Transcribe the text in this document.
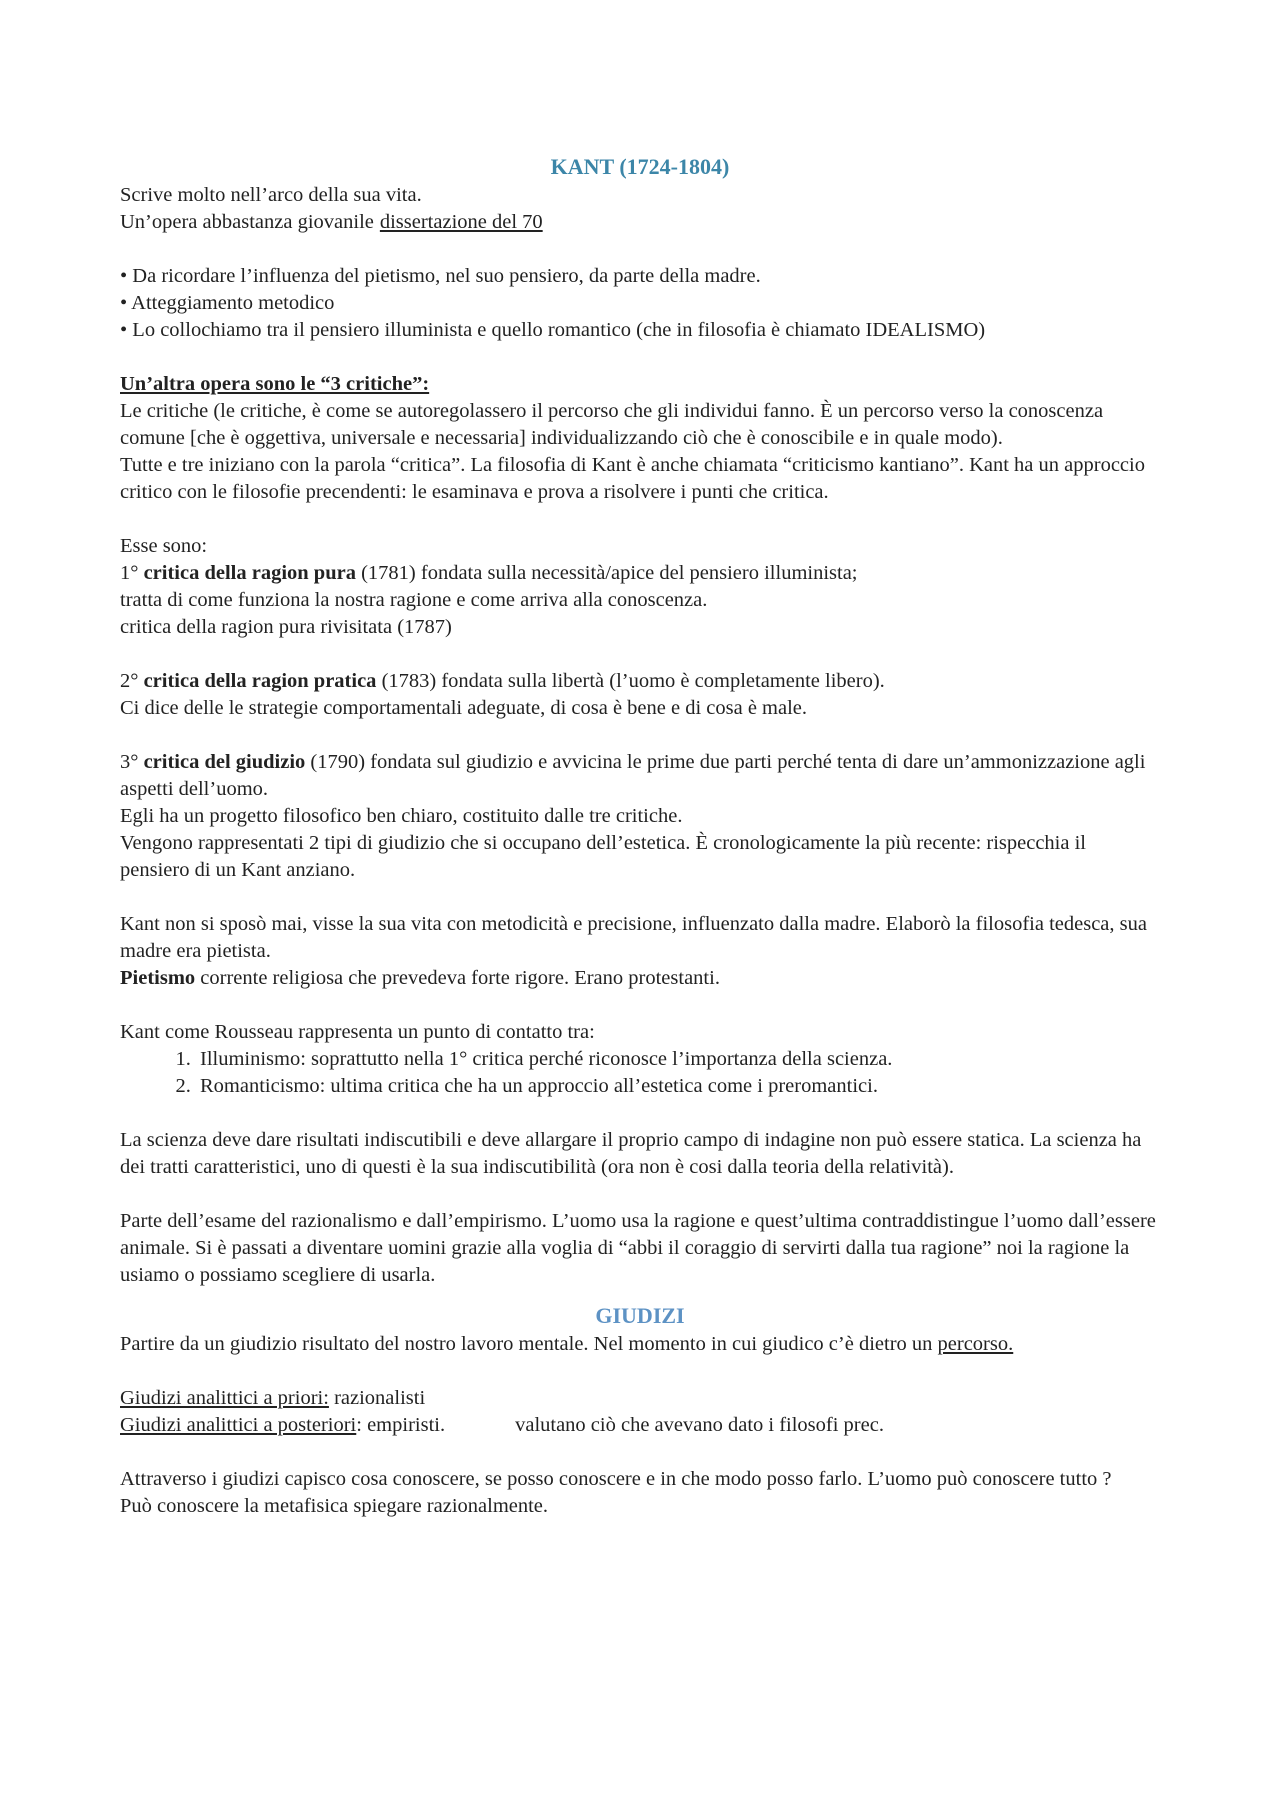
KANT (1724-1804)

Scrive molto nell’arco della sua vita.

Un’opera abbastanza giovanile dissertazione del 70

• Da ricordare l’influenza del pietismo, nel suo pensiero, da parte della madre.

• Atteggiamento metodico

• Lo collochiamo tra il pensiero illuminista e quello romantico (che in filosofia è chiamato IDEALISMO)

Un’altra opera sono le “3 critiche”:

Le critiche (le critiche, è come se autoregolassero il percorso che gli individui fanno. È un percorso verso la conoscenza comune [che è oggettiva, universale e necessaria] individualizzando ciò che è conoscibile e in quale modo).

Tutte e tre iniziano con la parola “critica”. La filosofia di Kant è anche chiamata “criticismo kantiano”. Kant ha un approccio critico con le filosofie precendenti: le esaminava e prova a risolvere i punti che critica.

Esse sono:

1° critica della ragion pura (1781) fondata sulla necessità/apice del pensiero illuminista;

tratta di come funziona la nostra ragione e come arriva alla conoscenza.

critica della ragion pura rivisitata (1787)

2° critica della ragion pratica (1783) fondata sulla libertà (l’uomo è completamente libero).

Ci dice delle le strategie comportamentali adeguate, di cosa è bene e di cosa è male.

3° critica del giudizio (1790) fondata sul giudizio e avvicina le prime due parti perché tenta di dare un’ammonizzazione agli aspetti dell’uomo.

Egli ha un progetto filosofico ben chiaro, costituito dalle tre critiche.

Vengono rappresentati 2 tipi di giudizio che si occupano dell’estetica. È cronologicamente la più recente: rispecchia il pensiero di un Kant anziano.

Kant non si sposò mai, visse la sua vita con metodicità e precisione, influenzato dalla madre. Elaborò la filosofia tedesca, sua madre era pietista.

Pietismo corrente religiosa che prevedeva forte rigore. Erano protestanti.

Kant come Rousseau rappresenta un punto di contatto tra:

1. Illuminismo: soprattutto nella 1° critica perché riconosce l’importanza della scienza.
2. Romanticismo: ultima critica che ha un approccio all’estetica come i preromantici.

La scienza deve dare risultati indiscutibili e deve allargare il proprio campo di indagine non può essere statica. La scienza ha dei tratti caratteristici, uno di questi è la sua indiscutibilità (ora non è cosi dalla teoria della relatività).

Parte dell’esame del razionalismo e dall’empirismo. L’uomo usa la ragione e quest’ultima contraddistingue l’uomo dall’essere animale. Si è passati a diventare uomini grazie alla voglia di “abbi il coraggio di servirti dalla tua ragione” noi la ragione la usiamo o possiamo scegliere di usarla.

GIUDIZI

Partire da un giudizio risultato del nostro lavoro mentale. Nel momento in cui giudico c’è dietro un percorso.

Giudizi analittici a priori: razionalisti

Giudizi analittici a posteriori: empiristi.	valutano ciò che avevano dato i filosofi prec.

Attraverso i giudizi capisco cosa conoscere, se posso conoscere e in che modo posso farlo. L’uomo può conoscere tutto ?

Può conoscere la metafisica spiegare razionalmente.
